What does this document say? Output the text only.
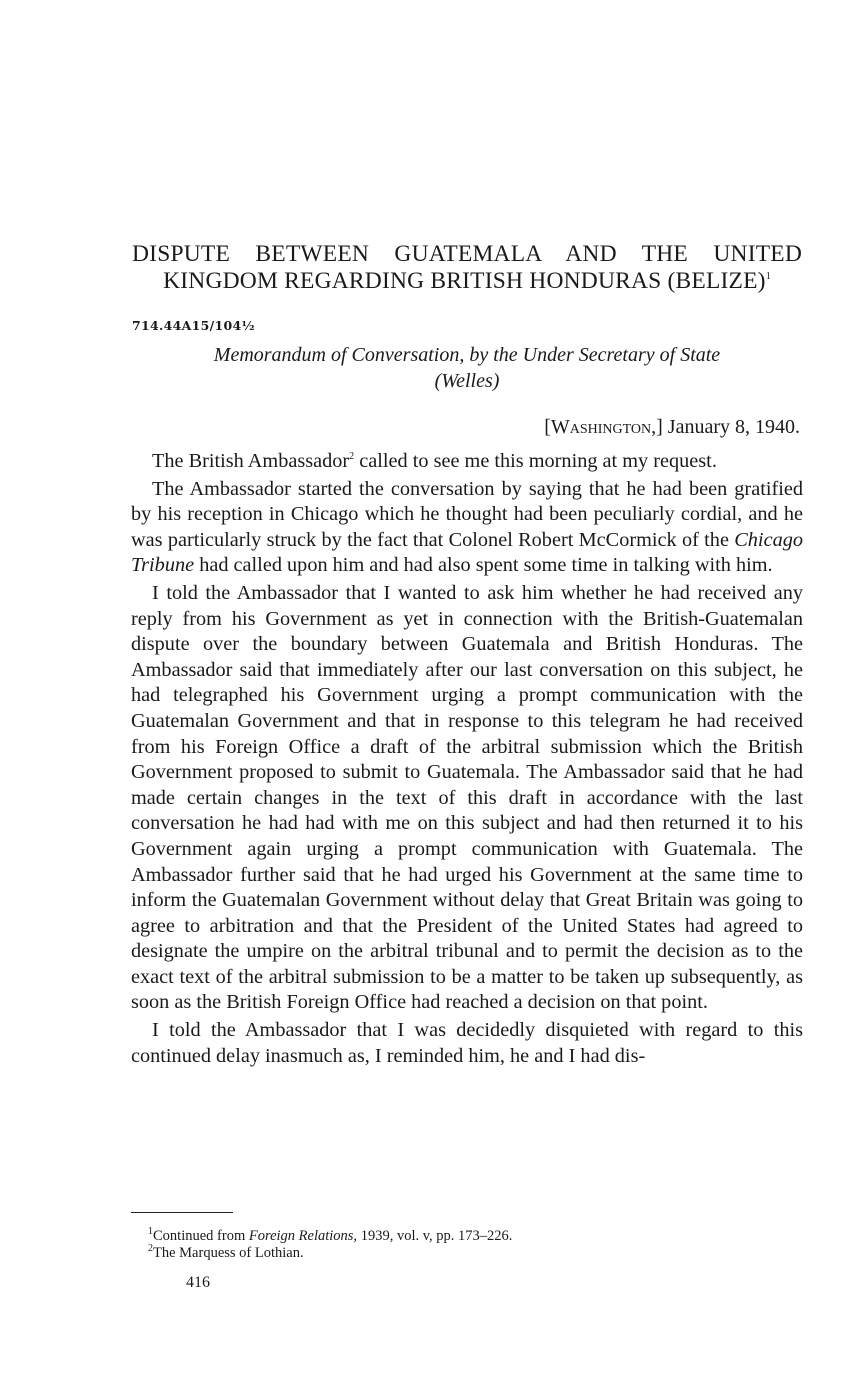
DISPUTE BETWEEN GUATEMALA AND THE UNITED
KINGDOM REGARDING BRITISH HONDURAS (BELIZE)$^1$
714.44A15/104½
Memorandum of Conversation, by the Under Secretary of State
(Welles)
[Washington,] January 8, 1940.

The British Ambassador$^2$ called to see me this morning at my request.

The Ambassador started the conversation by saying that he had been gratified by his reception in Chicago which he thought had been peculiarly cordial, and he was particularly struck by the fact that Colonel Robert McCormick of the Chicago Tribune had called upon him and had also spent some time in talking with him.

I told the Ambassador that I wanted to ask him whether he had received any reply from his Government as yet in connection with the British-Guatemalan dispute over the boundary between Guatemala and British Honduras. The Ambassador said that immediately after our last conversation on this subject, he had telegraphed his Government urging a prompt communication with the Guatemalan Government and that in response to this telegram he had received from his Foreign Office a draft of the arbitral submission which the British Government proposed to submit to Guatemala. The Ambassador said that he had made certain changes in the text of this draft in accordance with the last conversation he had had with me on this subject and had then returned it to his Government again urging a prompt communication with Guatemala. The Ambassador further said that he had urged his Government at the same time to inform the Guatemalan Government without delay that Great Britain was going to agree to arbitration and that the President of the United States had agreed to designate the umpire on the arbitral tribunal and to permit the decision as to the exact text of the arbitral submission to be a matter to be taken up subsequently, as soon as the British Foreign Office had reached a decision on that point.

I told the Ambassador that I was decidedly disquieted with regard to this continued delay inasmuch as, I reminded him, he and I had dis-

$^1$Continued from Foreign Relations, 1939, vol. v, pp. 173–226.
$^2$The Marquess of Lothian.
416
